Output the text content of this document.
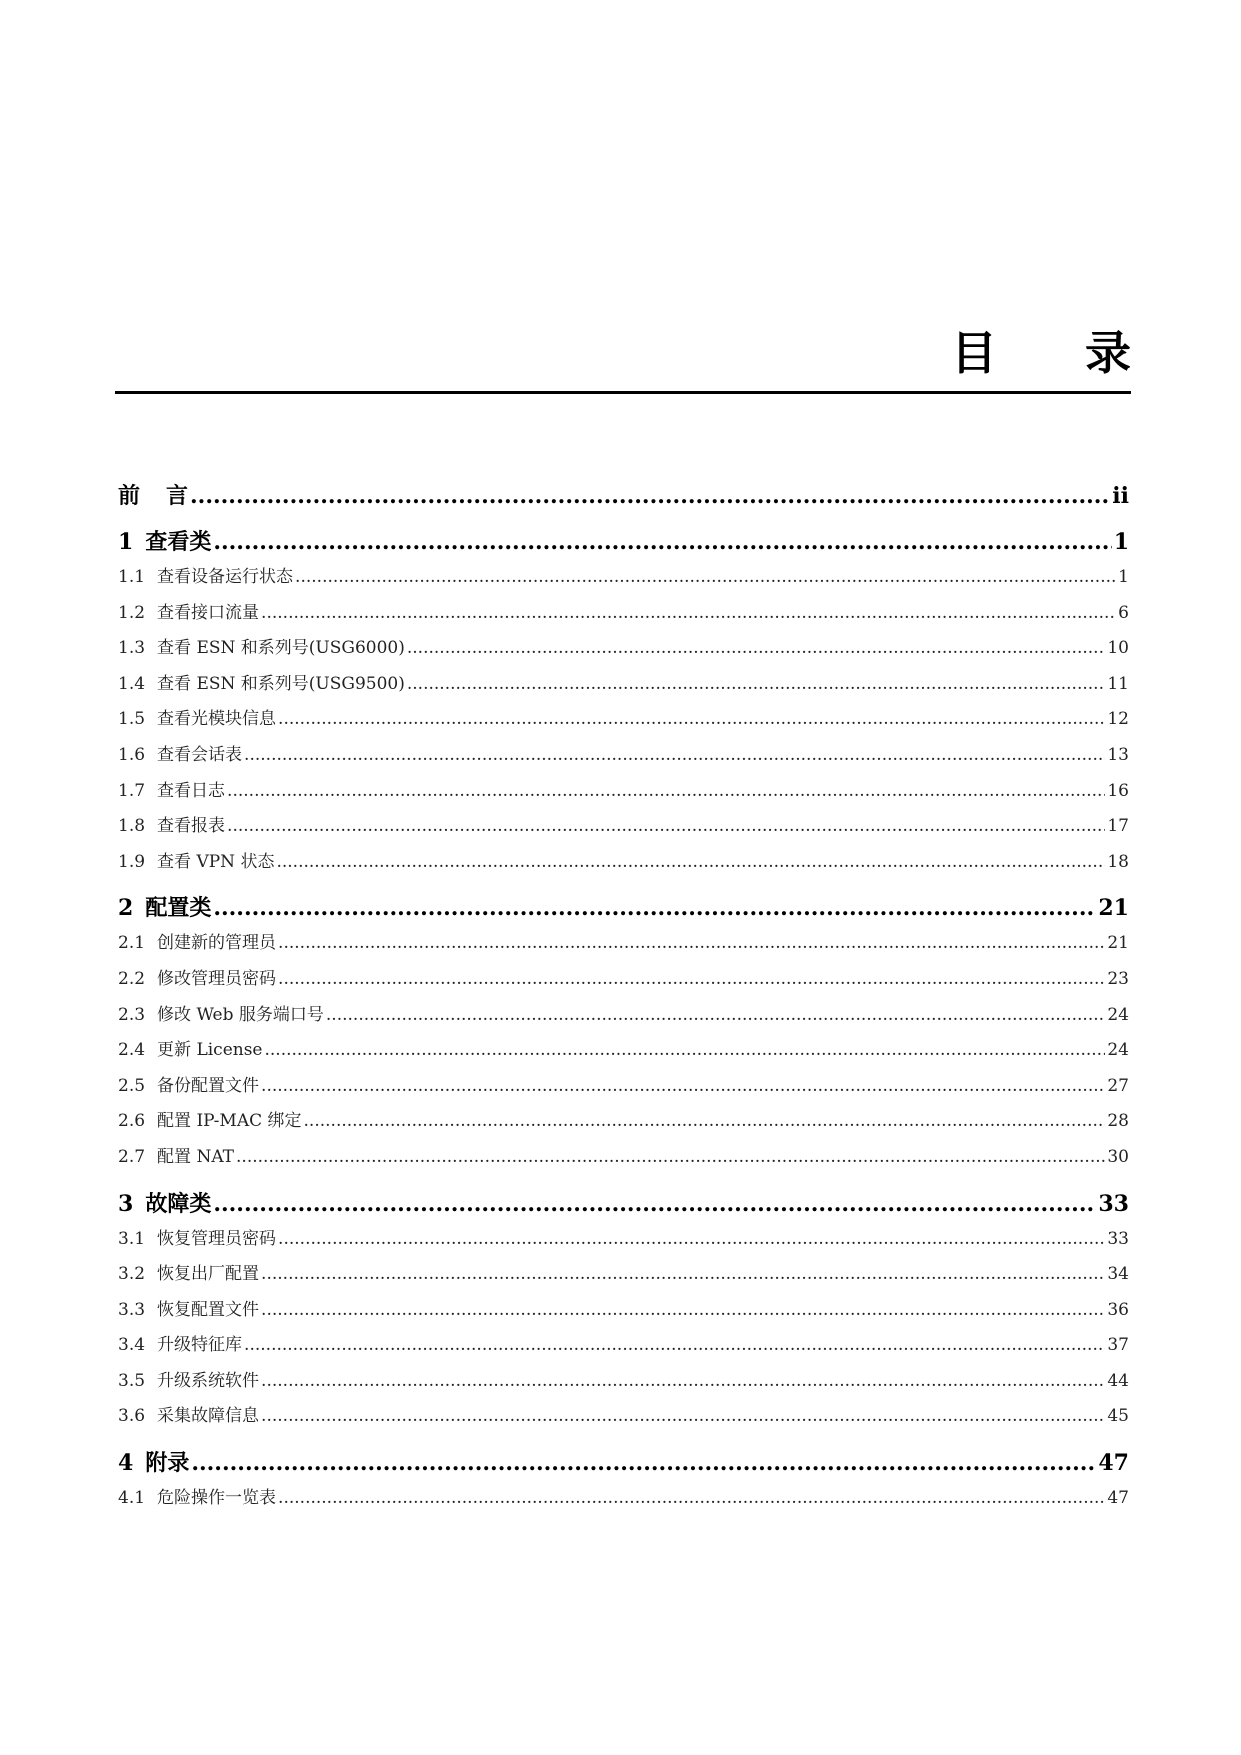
目 录
前言 .....	ii
1 查看类 .....	1
1.1 查看设备运行状态 .....	1
1.2 查看接口流量 .....	6
1.3 查看 ESN 和系列号(USG6000) .....	10
1.4 查看 ESN 和系列号(USG9500) .....	11
1.5 查看光模块信息 .....	12
1.6 查看会话表 .....	13
1.7 查看日志 .....	16
1.8 查看报表 .....	17
1.9 查看 VPN 状态 .....	18
2 配置类 .....	21
2.1 创建新的管理员 .....	21
2.2 修改管理员密码 .....	23
2.3 修改 Web 服务端口号 .....	24
2.4 更新 License .....	24
2.5 备份配置文件 .....	27
2.6 配置 IP-MAC 绑定 .....	28
2.7 配置 NAT .....	30
3 故障类 .....	33
3.1 恢复管理员密码 .....	33
3.2 恢复出厂配置 .....	34
3.3 恢复配置文件 .....	36
3.4 升级特征库 .....	37
3.5 升级系统软件 .....	44
3.6 采集故障信息 .....	45
4 附录 .....	47
4.1 危险操作一览表 .....	47
